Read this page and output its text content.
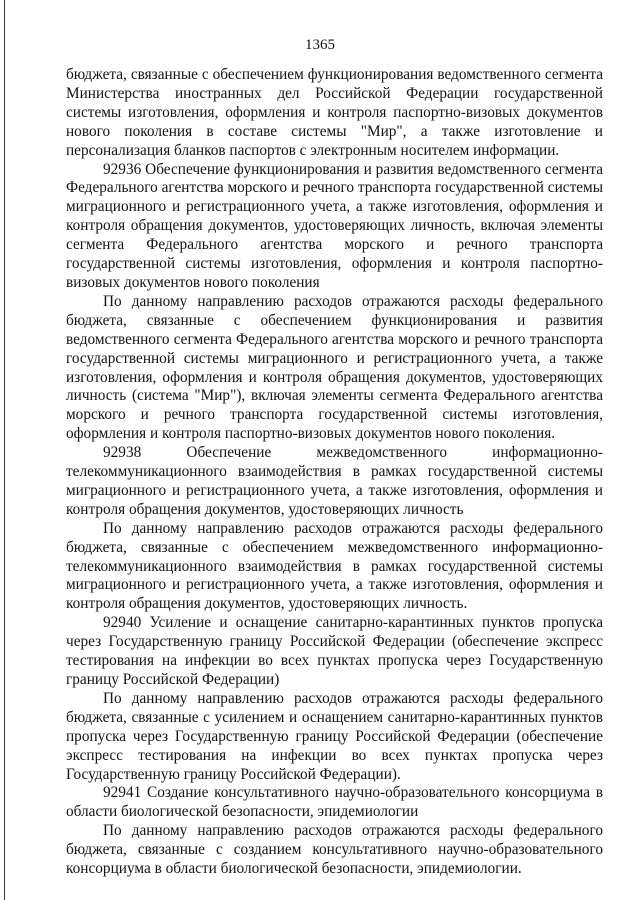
1365

бюджета, связанные с обеспечением функционирования ведомственного сегмента Министерства иностранных дел Российской Федерации государственной системы изготовления, оформления и контроля паспортно-визовых документов нового поколения в составе системы "Мир", а также изготовление и персонализация бланков паспортов с электронным носителем информации.

92936 Обеспечение функционирования и развития ведомственного сегмента Федерального агентства морского и речного транспорта государственной системы миграционного и регистрационного учета, а также изготовления, оформления и контроля обращения документов, удостоверяющих личность, включая элементы сегмента Федерального агентства морского и речного транспорта государственной системы изготовления, оформления и контроля паспортно-визовых документов нового поколения

По данному направлению расходов отражаются расходы федерального бюджета, связанные с обеспечением функционирования и развития ведомственного сегмента Федерального агентства морского и речного транспорта государственной системы миграционного и регистрационного учета, а также изготовления, оформления и контроля обращения документов, удостоверяющих личность (система "Мир"), включая элементы сегмента Федерального агентства морского и речного транспорта государственной системы изготовления, оформления и контроля паспортно-визовых документов нового поколения.

92938 Обеспечение межведомственного информационно-телекоммуникационного взаимодействия в рамках государственной системы миграционного и регистрационного учета, а также изготовления, оформления и контроля обращения документов, удостоверяющих личность

По данному направлению расходов отражаются расходы федерального бюджета, связанные с обеспечением межведомственного информационно-телекоммуникационного взаимодействия в рамках государственной системы миграционного и регистрационного учета, а также изготовления, оформления и контроля обращения документов, удостоверяющих личность.

92940 Усиление и оснащение санитарно-карантинных пунктов пропуска через Государственную границу Российской Федерации (обеспечение экспресс тестирования на инфекции во всех пунктах пропуска через Государственную границу Российской Федерации)

По данному направлению расходов отражаются расходы федерального бюджета, связанные с усилением и оснащением санитарно-карантинных пунктов пропуска через Государственную границу Российской Федерации (обеспечение экспресс тестирования на инфекции во всех пунктах пропуска через Государственную границу Российской Федерации).

92941 Создание консультативного научно-образовательного консорциума в области биологической безопасности, эпидемиологии

По данному направлению расходов отражаются расходы федерального бюджета, связанные с созданием консультативного научно-образовательного консорциума в области биологической безопасности, эпидемиологии.
